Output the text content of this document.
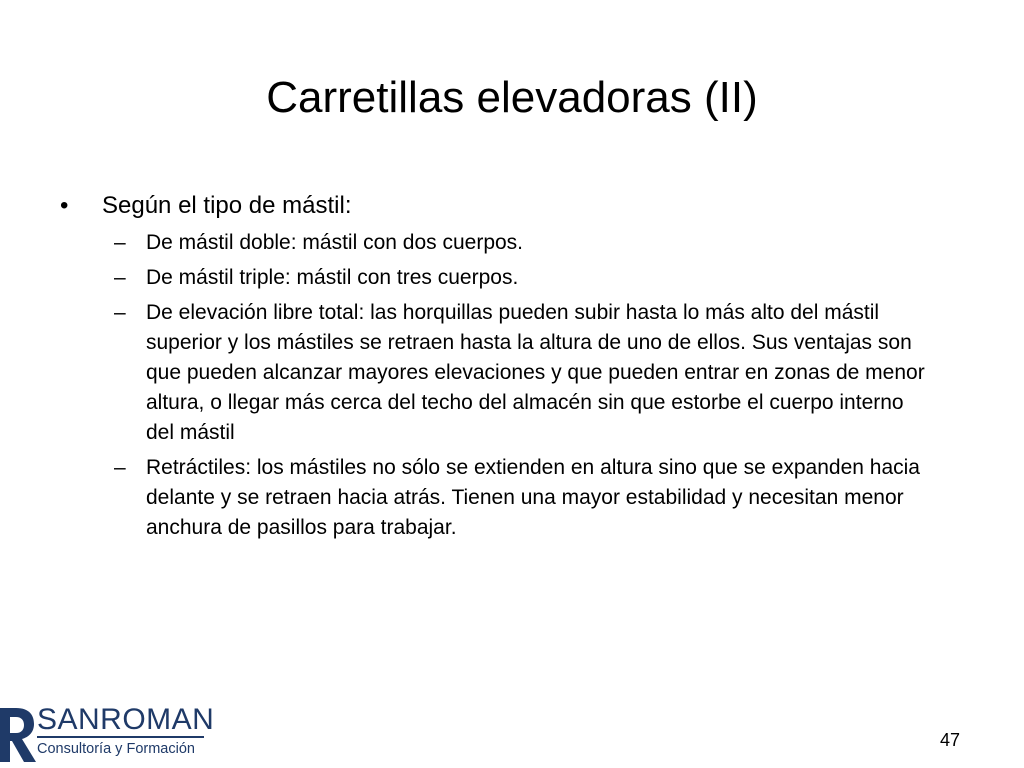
Carretillas elevadoras (II)
• Según el tipo de mástil:
– De mástil doble: mástil con dos cuerpos.
– De mástil triple: mástil con tres cuerpos.
– De elevación libre total: las horquillas pueden subir hasta lo más alto del mástil superior y los mástiles se retraen hasta la altura de uno de ellos. Sus ventajas son que pueden alcanzar mayores elevaciones y que pueden entrar en zonas de menor altura, o llegar más cerca del techo del almacén sin que estorbe el cuerpo interno del mástil
– Retráctiles: los mástiles no sólo se extienden en altura sino que se expanden hacia delante y se retraen hacia atrás. Tienen una mayor estabilidad y necesitan menor anchura de pasillos para trabajar.
SANROMAN
Consultoría y Formación	47
